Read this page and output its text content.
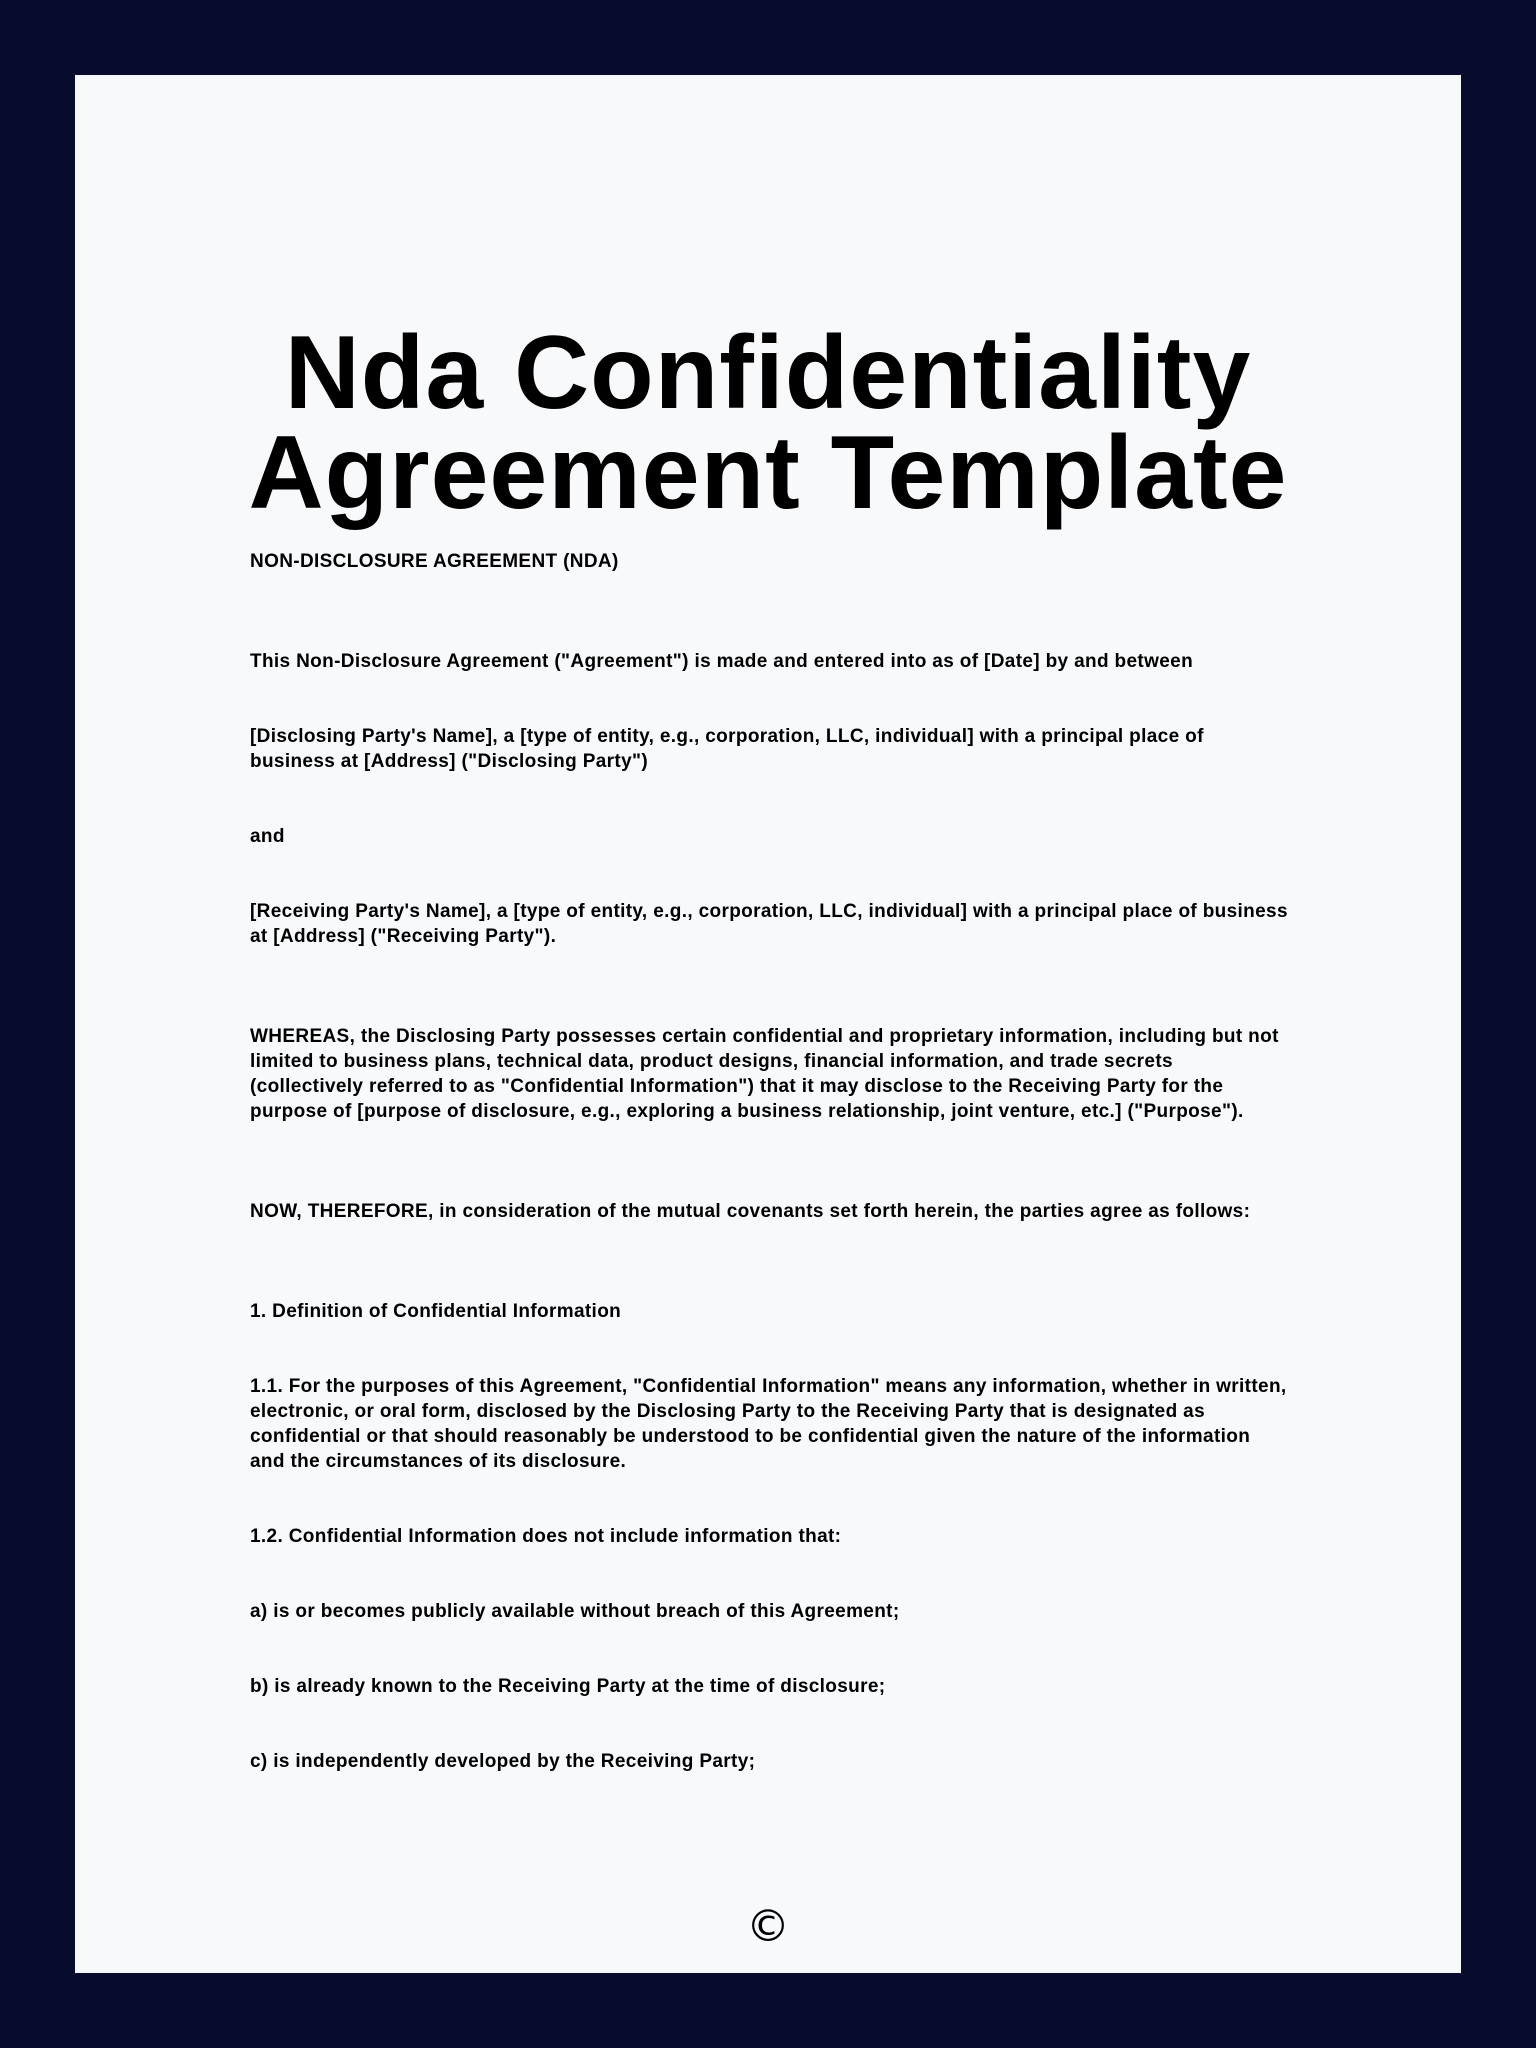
Nda Confidentiality
Agreement Template

NON-DISCLOSURE AGREEMENT (NDA)

This Non-Disclosure Agreement ("Agreement") is made and entered into as of [Date] by and between

[Disclosing Party's Name], a [type of entity, e.g., corporation, LLC, individual] with a principal place of business at [Address] ("Disclosing Party")

and

[Receiving Party's Name], a [type of entity, e.g., corporation, LLC, individual] with a principal place of business at [Address] ("Receiving Party").

WHEREAS, the Disclosing Party possesses certain confidential and proprietary information, including but not limited to business plans, technical data, product designs, financial information, and trade secrets (collectively referred to as "Confidential Information") that it may disclose to the Receiving Party for the purpose of [purpose of disclosure, e.g., exploring a business relationship, joint venture, etc.] ("Purpose").

NOW, THEREFORE, in consideration of the mutual covenants set forth herein, the parties agree as follows:

1. Definition of Confidential Information

1.1. For the purposes of this Agreement, "Confidential Information" means any information, whether in written, electronic, or oral form, disclosed by the Disclosing Party to the Receiving Party that is designated as confidential or that should reasonably be understood to be confidential given the nature of the information and the circumstances of its disclosure.

1.2. Confidential Information does not include information that:

a) is or becomes publicly available without breach of this Agreement;

b) is already known to the Receiving Party at the time of disclosure;

c) is independently developed by the Receiving Party;

©
